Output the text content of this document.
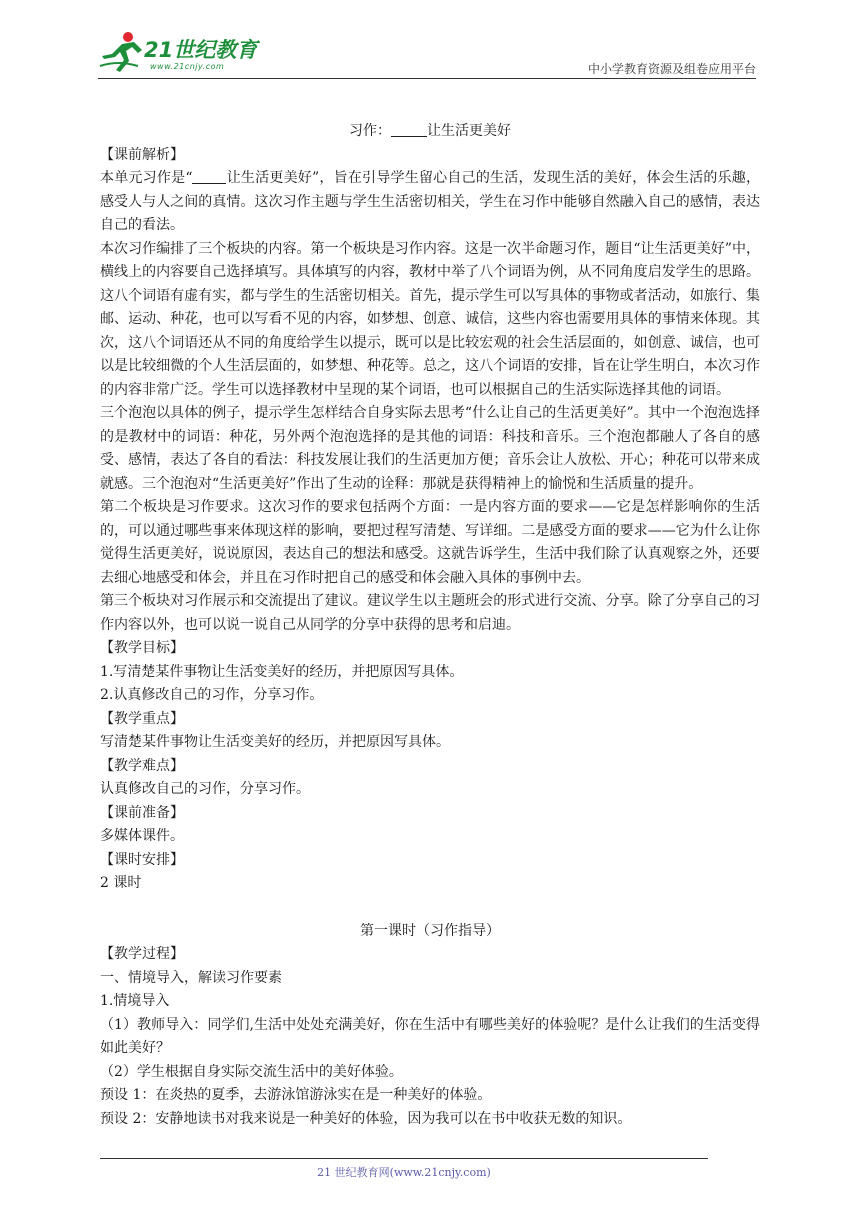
21世纪教育
www.21cnjy.com	中小学教育资源及组卷应用平台

习作：	让生活更美好

【课前解析】

本单元习作是“ 让生活更美好”，旨在引导学生留心自己的生活，发现生活的美好，体会生活的乐趣，感受人与人之间的真情。这次习作主题与学生生活密切相关，学生在习作中能够自然融入自己的感情，表达自己的看法。

本次习作编排了三个板块的内容。第一个板块是习作内容。这是一次半命题习作，题目“让生活更美好”中，横线上的内容要自己选择填写。具体填写的内容，教材中举了八个词语为例，从不同角度启发学生的思路。这八个词语有虚有实，都与学生的生活密切相关。首先，提示学生可以写具体的事物或者活动，如旅行、集邮、运动、种花，也可以写看不见的内容，如梦想、创意、诚信，这些内容也需要用具体的事情来体现。其次，这八个词语还从不同的角度给学生以提示，既可以是比较宏观的社会生活层面的，如创意、诚信，也可以是比较细微的个人生活层面的，如梦想、种花等。总之，这八个词语的安排，旨在让学生明白，本次习作的内容非常广泛。学生可以选择教材中呈现的某个词语，也可以根据自己的生活实际选择其他的词语。

三个泡泡以具体的例子，提示学生怎样结合自身实际去思考“什么让自己的生活更美好”。其中一个泡泡选择的是教材中的词语：种花，另外两个泡泡选择的是其他的词语：科技和音乐。三个泡泡都融人了各自的感受、感情，表达了各自的看法：科技发展让我们的生活更加方便；音乐会让人放松、开心；种花可以带来成就感。三个泡泡对“生活更美好”作出了生动的诠释：那就是获得精神上的愉悦和生活质量的提升。

第二个板块是习作要求。这次习作的要求包括两个方面：一是内容方面的要求——它是怎样影响你的生活的，可以通过哪些事来体现这样的影响，要把过程写清楚、写详细。二是感受方面的要求——它为什么让你觉得生活更美好，说说原因，表达自己的想法和感受。这就告诉学生，生活中我们除了认真观察之外，还要去细心地感受和体会，并且在习作时把自己的感受和体会融入具体的事例中去。

第三个板块对习作展示和交流提出了建议。建议学生以主题班会的形式进行交流、分享。除了分享自己的习作内容以外，也可以说一说自己从同学的分享中获得的思考和启迪。

【教学目标】

1.写清楚某件事物让生活变美好的经历，并把原因写具体。

2.认真修改自己的习作，分享习作。

【教学重点】

写清楚某件事物让生活变美好的经历，并把原因写具体。

【教学难点】

认真修改自己的习作，分享习作。

【课前准备】

多媒体课件。

【课时安排】

2 课时

第一课时（习作指导）

【教学过程】

一、情境导入，解读习作要素

1.情境导入

（1）教师导入：同学们,生活中处处充满美好，你在生活中有哪些美好的体验呢？是什么让我们的生活变得如此美好？

（2）学生根据自身实际交流生活中的美好体验。

预设 1：在炎热的夏季，去游泳馆游泳实在是一种美好的体验。

预设 2：安静地读书对我来说是一种美好的体验，因为我可以在书中收获无数的知识。

21 世纪教育网(www.21cnjy.com)
